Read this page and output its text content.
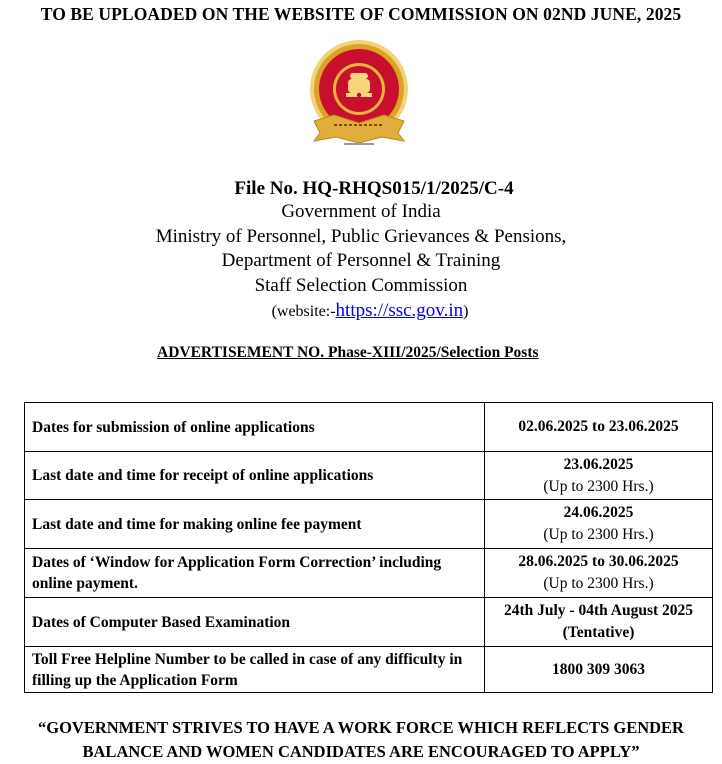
TO BE UPLOADED ON THE WEBSITE OF COMMISSION ON 02ND JUNE, 2025
File No. HQ-RHQS015/1/2025/C-4
Government of India
Ministry of Personnel, Public Grievances & Pensions,
Department of Personnel & Training
Staff Selection Commission
(website:-https://ssc.gov.in)
ADVERTISEMENT NO. Phase-XIII/2025/Selection Posts
Dates for submission of online applications	02.06.2025 to 23.06.2025

Last date and time for receipt of online applications	23.06.2025
(Up to 2300 Hrs.)

Last date and time for making online fee payment	24.06.2025
(Up to 2300 Hrs.)

Dates of ‘Window for Application Form Correction’ including online payment.	28.06.2025 to 30.06.2025
(Up to 2300 Hrs.)

Dates of Computer Based Examination	24th July - 04th August 2025
(Tentative)

Toll Free Helpline Number to be called in case of any difficulty in filling up the Application Form	1800 309 3063
“GOVERNMENT STRIVES TO HAVE A WORK FORCE WHICH REFLECTS GENDER
BALANCE AND WOMEN CANDIDATES ARE ENCOURAGED TO APPLY”
